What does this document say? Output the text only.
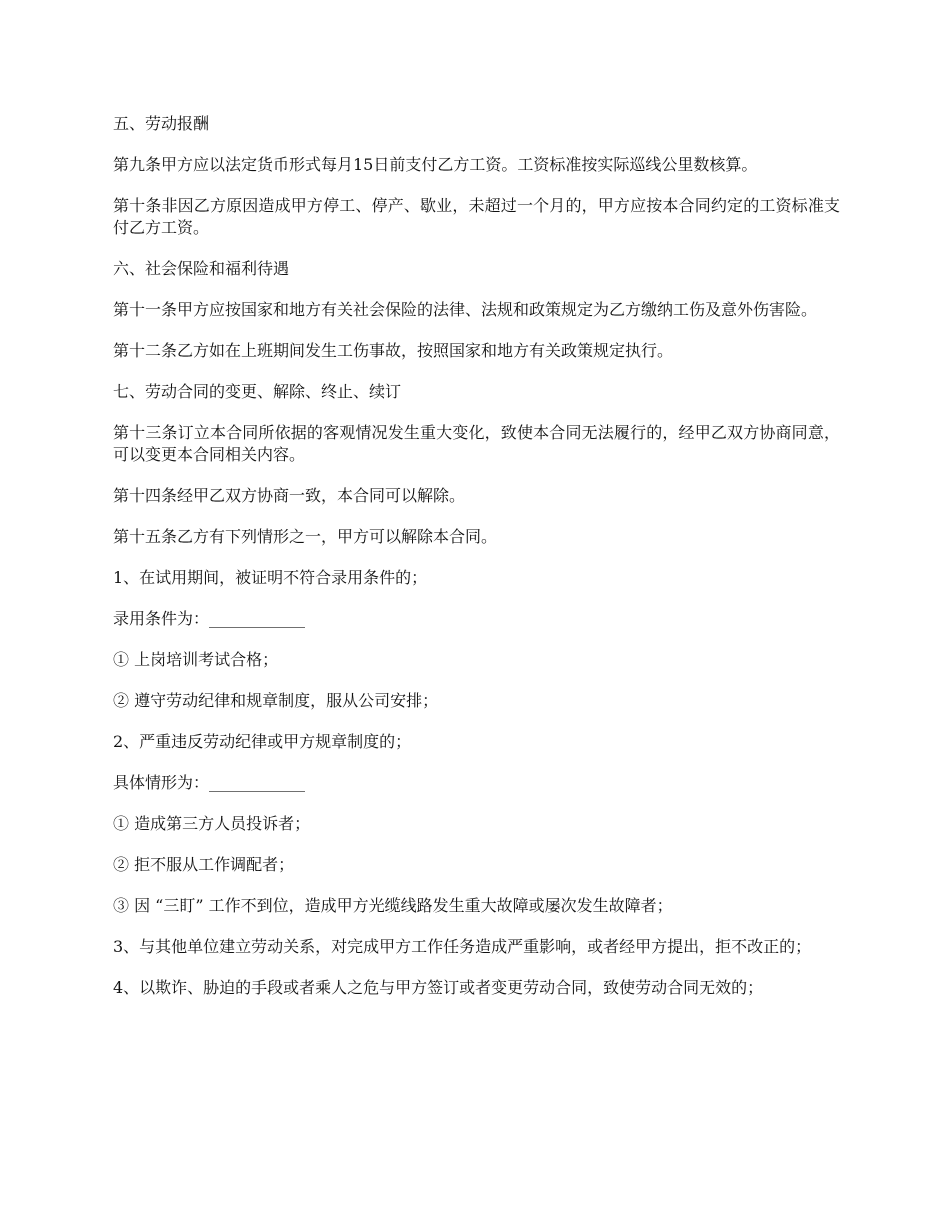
五、劳动报酬

第九条甲方应以法定货币形式每月15日前支付乙方工资。工资标准按实际巡线公里数核算。

第十条非因乙方原因造成甲方停工、停产、歇业，未超过一个月的，甲方应按本合同约定的工资标准支付乙方工资。

六、社会保险和福利待遇

第十一条甲方应按国家和地方有关社会保险的法律、法规和政策规定为乙方缴纳工伤及意外伤害险。

第十二条乙方如在上班期间发生工伤事故，按照国家和地方有关政策规定执行。

七、劳动合同的变更、解除、终止、续订

第十三条订立本合同所依据的客观情况发生重大变化，致使本合同无法履行的，经甲乙双方协商同意，可以变更本合同相关内容。

第十四条经甲乙双方协商一致，本合同可以解除。

第十五条乙方有下列情形之一，甲方可以解除本合同。

1、在试用期间，被证明不符合录用条件的；

录用条件为：____________

① 上岗培训考试合格；

② 遵守劳动纪律和规章制度，服从公司安排；

2、严重违反劳动纪律或甲方规章制度的；

具体情形为：____________

① 造成第三方人员投诉者；

② 拒不服从工作调配者；

③ 因 “三盯” 工作不到位，造成甲方光缆线路发生重大故障或屡次发生故障者；

3、与其他单位建立劳动关系，对完成甲方工作任务造成严重影响，或者经甲方提出，拒不改正的；

4、以欺诈、胁迫的手段或者乘人之危与甲方签订或者变更劳动合同，致使劳动合同无效的；
